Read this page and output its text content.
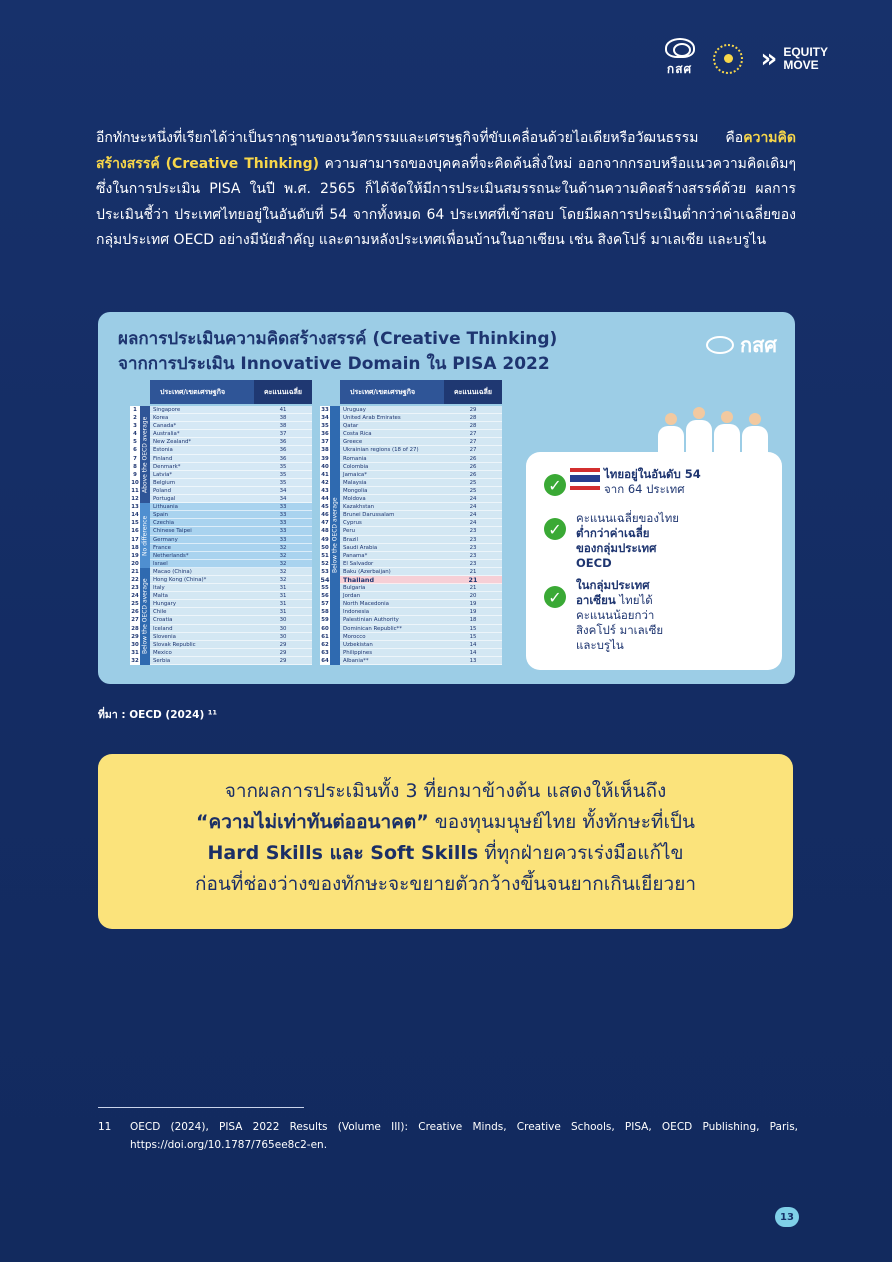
กสศ	» EQUITY
MOVE
อีกทักษะหนึ่งที่เรียกได้ว่าเป็นรากฐานของนวัตกรรมและเศรษฐกิจที่ขับเคลื่อนด้วยไอเดียหรือวัฒนธรรม คือความคิดสร้างสรรค์ (Creative Thinking) ความสามารถของบุคคลที่จะคิดค้นสิ่งใหม่ ออกจากกรอบหรือแนวความคิดเดิมๆ ซึ่งในการประเมิน PISA ในปี พ.ศ. 2565 ก็ได้จัดให้มีการประเมินสมรรถนะในด้านความคิดสร้างสรรค์ด้วย ผลการประเมินชี้ว่า ประเทศไทยอยู่ในอันดับที่ 54 จากทั้งหมด 64 ประเทศที่เข้าสอบ โดยมีผลการประเมินต่ำกว่าค่าเฉลี่ยของกลุ่มประเทศ OECD อย่างมีนัยสำคัญ และตามหลังประเทศเพื่อนบ้านในอาเซียน เช่น สิงคโปร์ มาเลเซีย และบรูไน
ผลการประเมินความคิดสร้างสรรค์ (Creative Thinking)
จากการประเมิน Innovative Domain ใน PISA 2022
กสศ
ประเทศ/เขตเศรษฐกิจ	คะแนนเฉลี่ย
Above the OECD average
No difference
Below the OECD average
1	Singapore	41
2	Korea	38
3	Canada*	38
4	Australia*	37
5	New Zealand*	36
6	Estonia	36
7	Finland	36
8	Denmark*	35
9	Latvia*	35
10	Belgium	35
11	Poland	34
12	Portugal	34
13	Lithuania	33
14	Spain	33
15	Czechia	33
16	Chinese Taipei	33
17	Germany	33
18	France	32
19	Netherlands*	32
20	Israel	32
21	Macao (China)	32
22	Hong Kong (China)*	32
23	Italy	31
24	Malta	31
25	Hungary	31
26	Chile	31
27	Croatia	30
28	Iceland	30
29	Slovenia	30
30	Slovak Republic	29
31	Mexico	29
32	Serbia	29
ประเทศ/เขตเศรษฐกิจ	คะแนนเฉลี่ย
Below the OECD average
33	Uruguay	29
34	United Arab Emirates	28
35	Qatar	28
36	Costa Rica	27
37	Greece	27
38	Ukrainian regions (18 of 27)	27
39	Romania	26
40	Colombia	26
41	Jamaica*	26
42	Malaysia	25
43	Mongolia	25
44	Moldova	24
45	Kazakhstan	24
46	Brunei Darussalam	24
47	Cyprus	24
48	Peru	23
49	Brazil	23
50	Saudi Arabia	23
51	Panama*	23
52	El Salvador	23
53	Baku (Azerbaijan)	21
54	Thailand	21
55	Bulgaria	21
56	Jordan	20
57	North Macedonia	19
58	Indonesia	19
59	Palestinian Authority	18
60	Dominican Republic**	15
61	Morocco	15
62	Uzbekistan	14
63	Philippines	14
64	Albania**	13
✓
ไทยอยู่ในอันดับ 54
จาก 64 ประเทศ
✓
คะแนนเฉลี่ยของไทย
ต่ำกว่าค่าเฉลี่ย
ของกลุ่มประเทศ
OECD
✓
ในกลุ่มประเทศ
อาเซียน ไทยได้
คะแนนน้อยกว่า
สิงคโปร์ มาเลเซีย
และบรูไน
ที่มา : OECD (2024) ¹¹

จากผลการประเมินทั้ง 3 ที่ยกมาข้างต้น แสดงให้เห็นถึง

“ความไม่เท่าทันต่ออนาคต” ของทุนมนุษย์ไทย ทั้งทักษะที่เป็น

Hard Skills และ Soft Skills ที่ทุกฝ่ายควรเร่งมือแก้ไข

ก่อนที่ช่องว่างของทักษะจะขยายตัวกว้างขึ้นจนยากเกินเยียวยา

11	OECD (2024), PISA 2022 Results (Volume III): Creative Minds, Creative Schools, PISA, OECD Publishing, Paris, https://doi.org/10.1787/765ee8c2-en.
13
